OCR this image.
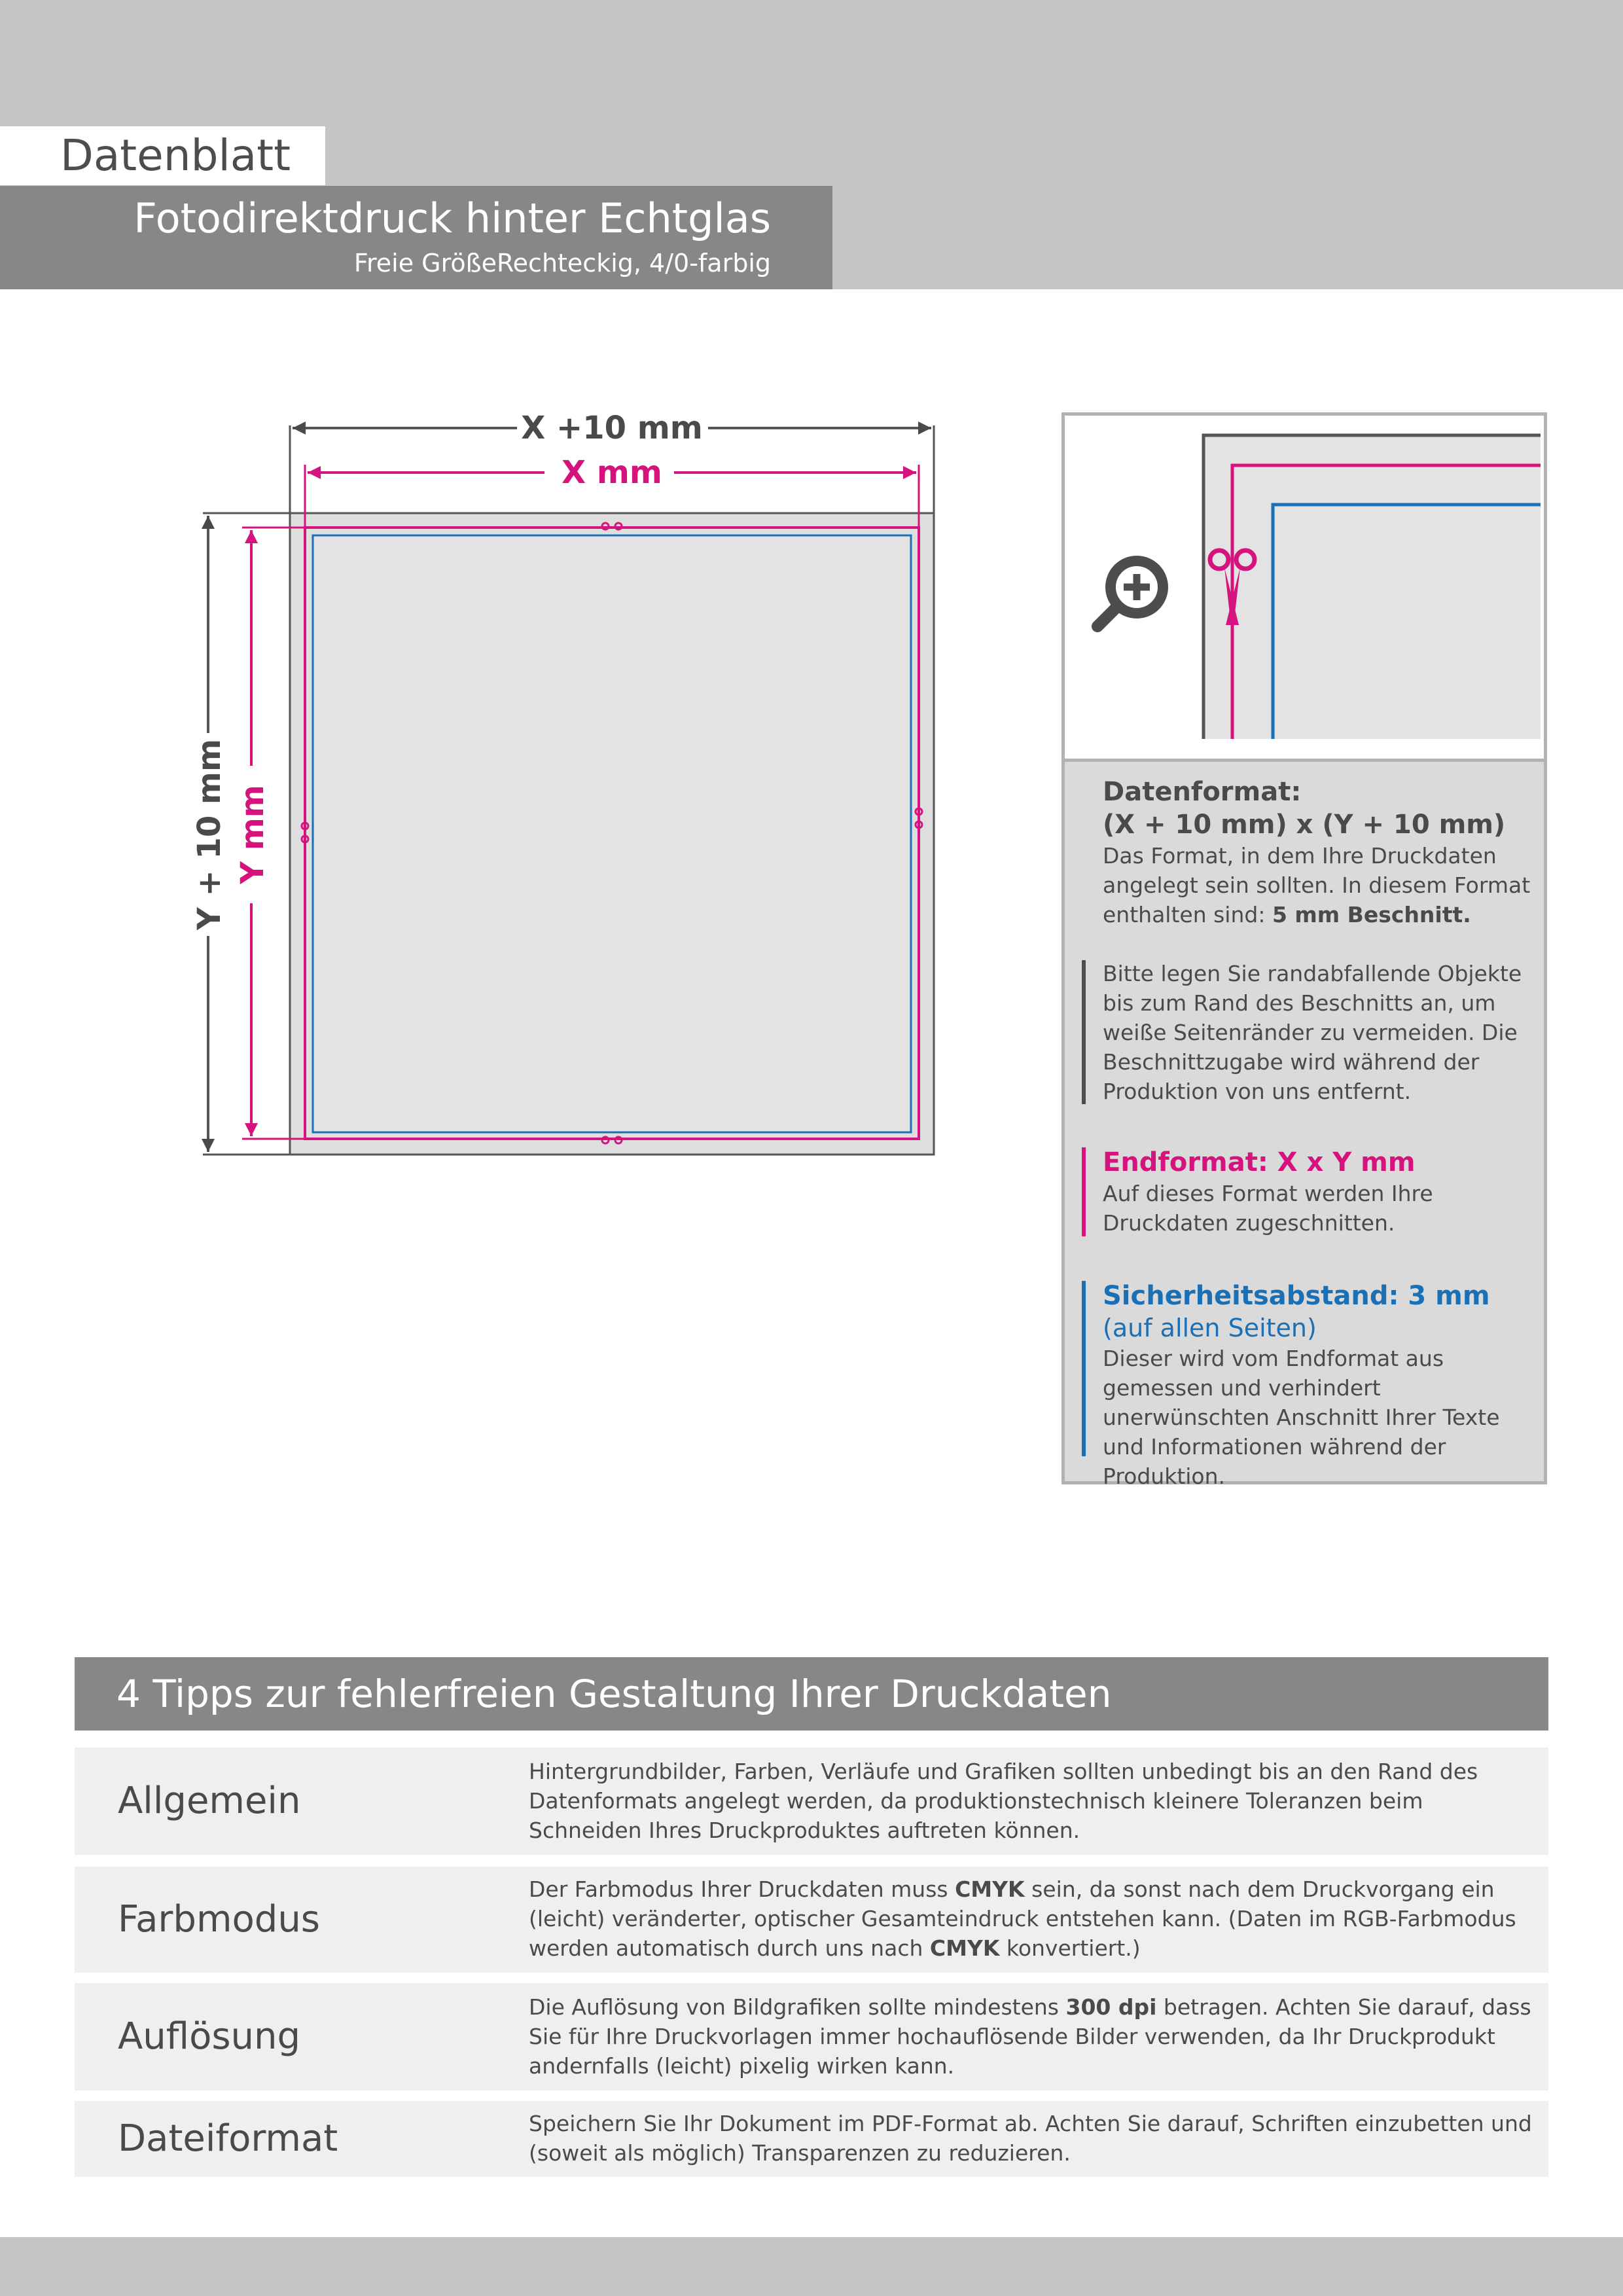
Datenblatt
Fotodirektdruck hinter Echtglas
Freie GrößeRechteckig, 4/0-farbig
X +10 mm
X mm
Y + 10 mm Y mm	Datenformat:
(X + 10 mm) x (Y + 10 mm)
Das Format, in dem Ihre Druckdaten angelegt sein sollten. In diesem Format enthalten sind: 5 mm Beschnitt.
Bitte legen Sie randabfallende Objekte bis zum Rand des Beschnitts an, um weiße Seitenränder zu vermeiden. Die Beschnittzugabe wird während der Produktion von uns entfernt.
Endformat: X x Y mm
Auf dieses Format werden Ihre Druckdaten zugeschnitten.
Sicherheitsabstand: 3 mm
(auf allen Seiten)
Dieser wird vom Endformat aus gemessen und verhindert unerwünschten Anschnitt Ihrer Texte und Informationen während der Produktion.
4 Tipps zur fehlerfreien Gestaltung Ihrer Druckdaten
Allgemein
Hintergrundbilder, Farben, Verläufe und Grafiken sollten unbedingt bis an den Rand des Datenformats angelegt werden, da produktionstechnisch kleinere Toleranzen beim Schneiden Ihres Druckproduktes auftreten können.
Farbmodus
Der Farbmodus Ihrer Druckdaten muss CMYK sein, da sonst nach dem Druckvorgang ein (leicht) veränderter, optischer Gesamteindruck entstehen kann. (Daten im RGB-Farbmodus werden automatisch durch uns nach CMYK konvertiert.)
Auflösung
Die Auflösung von Bildgrafiken sollte mindestens 300 dpi betragen. Achten Sie darauf, dass Sie für Ihre Druckvorlagen immer hochauflösende Bilder verwenden, da Ihr Druckprodukt andernfalls (leicht) pixelig wirken kann.
Dateiformat	Speichern Sie Ihr Dokument im PDF-Format ab. Achten Sie darauf, Schriften einzubetten und (soweit als möglich) Transparenzen zu reduzieren.
